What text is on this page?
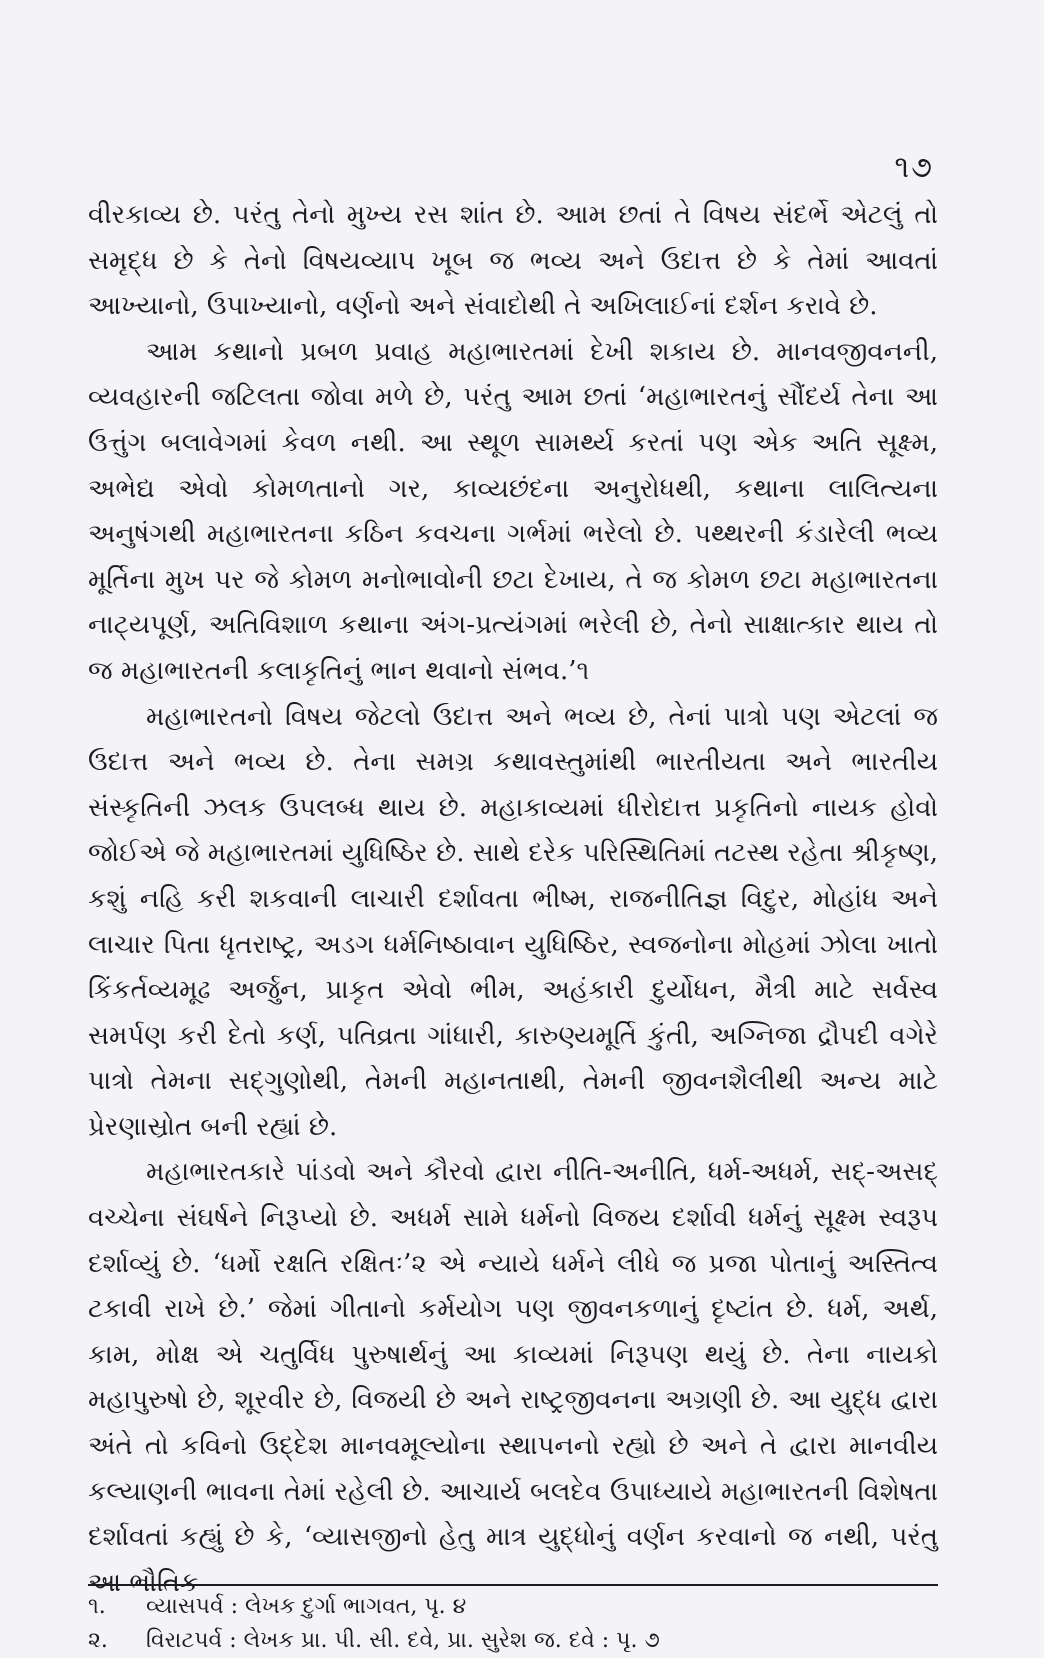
૧૭

વીરકાવ્ય છે. પરંતુ તેનો મુખ્ય રસ શાંત છે. આમ છતાં તે વિષય સંદર્ભે એટલું તો સમૃદ્ધ છે કે તેનો વિષયવ્યાપ ખૂબ જ ભવ્ય અને ઉદાત્ત છે કે તેમાં આવતાં આખ્યાનો, ઉપાખ્યાનો, વર્ણનો અને સંવાદોથી તે અખિલાઈનાં દર્શન કરાવે છે.

આમ કથાનો પ્રબળ પ્રવાહ મહાભારતમાં દેખી શકાય છે. માનવજીવનની, વ્યવહારની જટિલતા જોવા મળે છે, પરંતુ આમ છતાં ‘મહાભારતનું સૌંદર્ય તેના આ ઉત્તુંગ બલાવેગમાં કેવળ નથી. આ સ્થૂળ સામર્થ્ય કરતાં પણ એક અતિ સૂક્ષ્મ, અભેદ્ય એવો કોમળતાનો ગર, કાવ્યછંદના અનુરોધથી, કથાના લાલિત્યના અનુષંગથી મહાભારતના કઠિન કવચના ગર્ભમાં ભરેલો છે. પથ્થરની કંડારેલી ભવ્ય મૂર્તિના મુખ પર જે કોમળ મનોભાવોની છટા દેખાય, તે જ કોમળ છટા મહાભારતના નાટ્યપૂર્ણ, અતિવિશાળ કથાના અંગ-પ્રત્યંગમાં ભરેલી છે, તેનો સાક્ષાત્કાર થાય તો જ મહાભારતની કલાકૃતિનું ભાન થવાનો સંભવ.’૧

મહાભારતનો વિષય જેટલો ઉદાત્ત અને ભવ્ય છે, તેનાં પાત્રો પણ એટલાં જ ઉદાત્ત અને ભવ્ય છે. તેના સમગ્ર કથાવસ્તુમાંથી ભારતીયતા અને ભારતીય સંસ્કૃતિની ઝલક ઉપલબ્ધ થાય છે. મહાકાવ્યમાં ધીરોદાત્ત પ્રકૃતિનો નાયક હોવો જોઈએ જે મહાભારતમાં યુધિષ્ઠિર છે. સાથે દરેક પરિસ્થિતિમાં તટસ્થ રહેતા શ્રીકૃષ્ણ, કશું નહિ કરી શકવાની લાચારી દર્શાવતા ભીષ્મ, રાજનીતિજ્ઞ વિદુર, મોહાંધ અને લાચાર પિતા ધૃતરાષ્ટ્ર, અડગ ધર્મનિષ્ઠાવાન યુધિષ્ઠિર, સ્વજનોના મોહમાં ઝોલા ખાતો કિંકર્તવ્યમૂઢ અર્જુન, પ્રાકૃત એવો ભીમ, અહંકારી દુર્યોધન, મૈત્રી માટે સર્વસ્વ સમર્પણ કરી દેતો કર્ણ, પતિવ્રતા ગાંધારી, કારુણ્યમૂર્તિ કુંતી, અગ્નિજા દ્રૌપદી વગેરે પાત્રો તેમના સદ્‌ગુણોથી, તેમની મહાનતાથી, તેમની જીવનશૈલીથી અન્ય માટે પ્રેરણાસ્રોત બની રહ્યાં છે.

મહાભારતકારે પાંડવો અને કૌરવો દ્વારા નીતિ-અનીતિ, ધર્મ-અધર્મ, સદ્‌-અસદ્‌ વચ્ચેના સંઘર્ષને નિરૂપ્યો છે. અધર્મ સામે ધર્મનો વિજય દર્શાવી ધર્મનું સૂક્ષ્મ સ્વરૂપ દર્શાવ્યું છે. ‘ધર્મો રક્ષતિ રક્ષિતઃ’૨ એ ન્યાયે ધર્મને લીધે જ પ્રજા પોતાનું અસ્તિત્વ ટકાવી રાખે છે.’ જેમાં ગીતાનો કર્મયોગ પણ જીવનકળાનું દૃષ્ટાંત છે. ધર્મ, અર્થ, કામ, મોક્ષ એ ચતુર્વિધ પુરુષાર્થનું આ કાવ્યમાં નિરૂપણ થયું છે. તેના નાયકો મહાપુરુષો છે, શૂરવીર છે, વિજયી છે અને રાષ્ટ્રજીવનના અગ્રણી છે. આ યુદ્ધ દ્વારા અંતે તો કવિનો ઉદ્દેશ માનવમૂલ્યોના સ્થાપનનો રહ્યો છે અને તે દ્વારા માનવીય કલ્યાણની ભાવના તેમાં રહેલી છે. આચાર્ય બલદેવ ઉપાધ્યાયે મહાભારતની વિશેષતા દર્શાવતાં કહ્યું છે કે, ‘વ્યાસજીનો હેતુ માત્ર યુદ્ધોનું વર્ણન કરવાનો જ નથી, પરંતુ આ ભૌતિક

૧.	વ્યાસપર્વ : લેખક દુર્ગા ભાગવત, પૃ. ૪
૨.	વિરાટપર્વ : લેખક પ્રા. પી. સી. દવે, પ્રા. સુરેશ જ. દવે : પૃ. ૭
